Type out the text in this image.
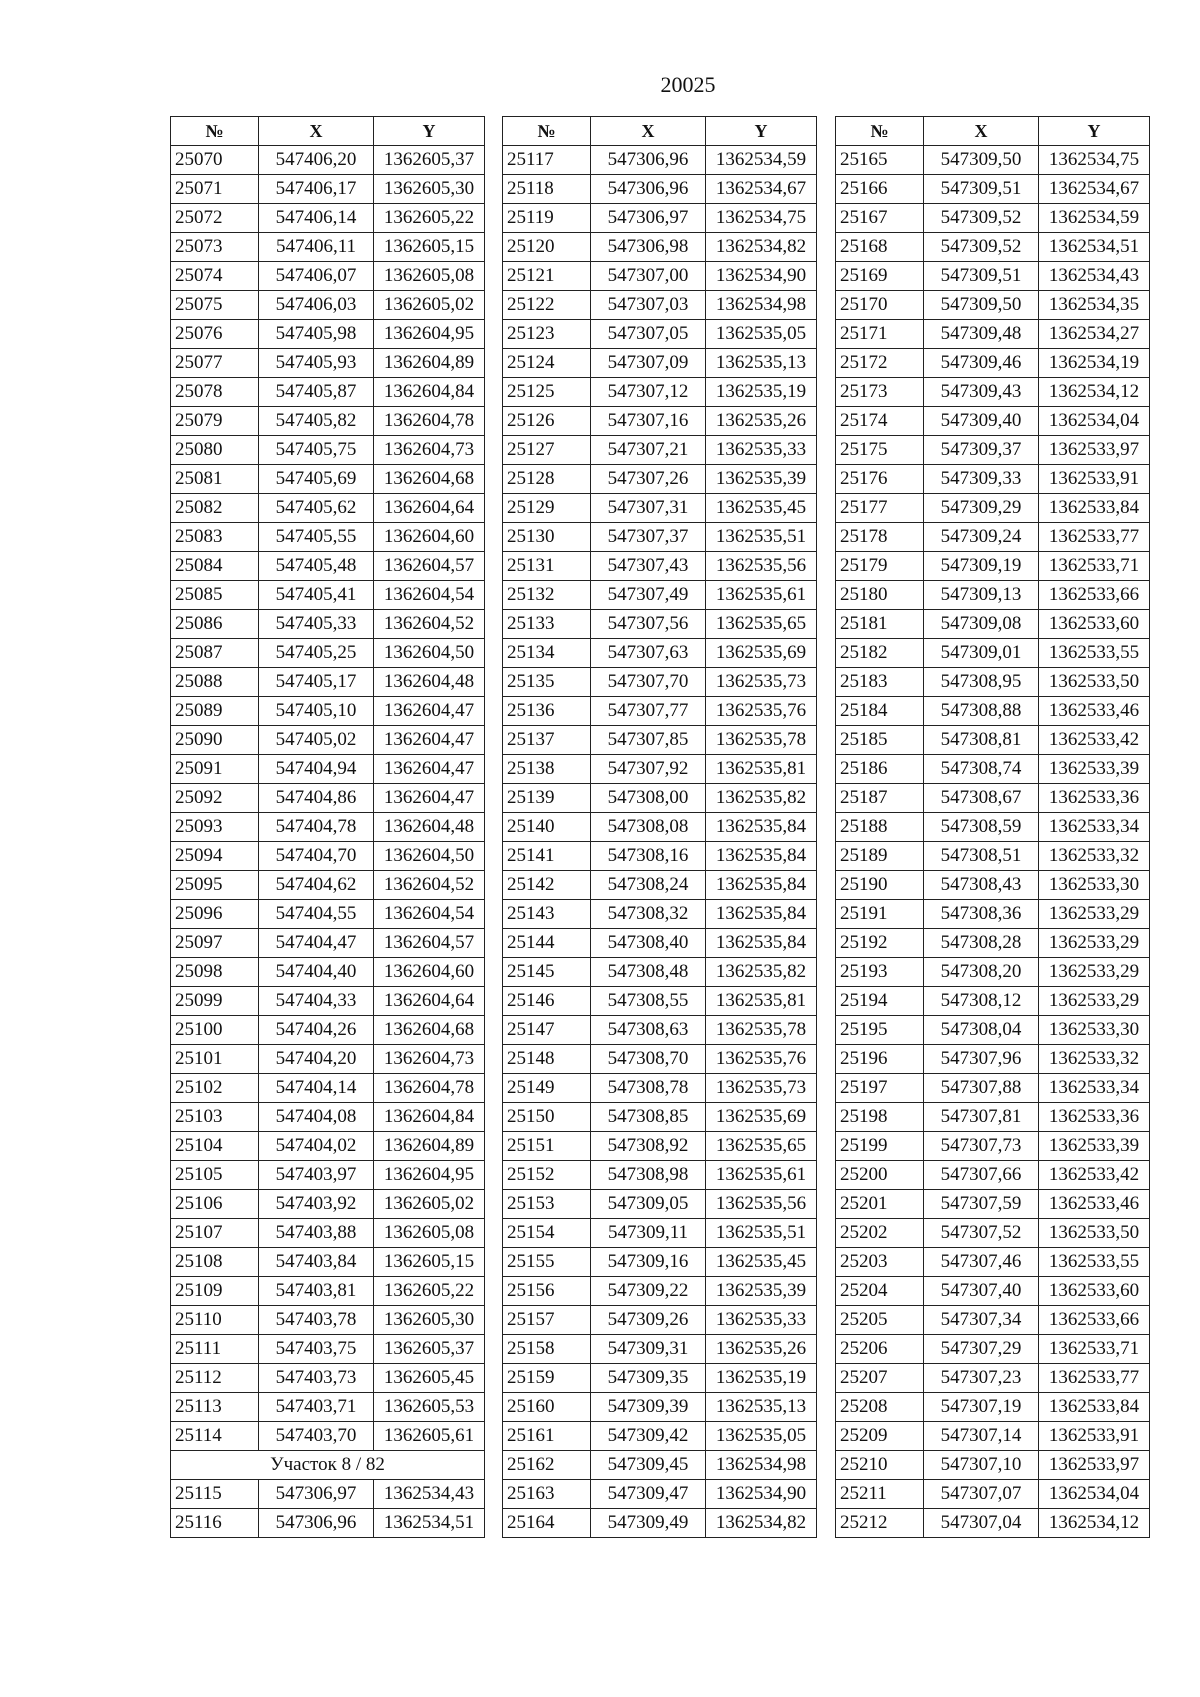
20025
№	X	Y
25070	547406,20	1362605,37
25071	547406,17	1362605,30
25072	547406,14	1362605,22
25073	547406,11	1362605,15
25074	547406,07	1362605,08
25075	547406,03	1362605,02
25076	547405,98	1362604,95
25077	547405,93	1362604,89
25078	547405,87	1362604,84
25079	547405,82	1362604,78
25080	547405,75	1362604,73
25081	547405,69	1362604,68
25082	547405,62	1362604,64
25083	547405,55	1362604,60
25084	547405,48	1362604,57
25085	547405,41	1362604,54
25086	547405,33	1362604,52
25087	547405,25	1362604,50
25088	547405,17	1362604,48
25089	547405,10	1362604,47
25090	547405,02	1362604,47
25091	547404,94	1362604,47
25092	547404,86	1362604,47
25093	547404,78	1362604,48
25094	547404,70	1362604,50
25095	547404,62	1362604,52
25096	547404,55	1362604,54
25097	547404,47	1362604,57
25098	547404,40	1362604,60
25099	547404,33	1362604,64
25100	547404,26	1362604,68
25101	547404,20	1362604,73
25102	547404,14	1362604,78
25103	547404,08	1362604,84
25104	547404,02	1362604,89
25105	547403,97	1362604,95
25106	547403,92	1362605,02
25107	547403,88	1362605,08
25108	547403,84	1362605,15
25109	547403,81	1362605,22
25110	547403,78	1362605,30
25111	547403,75	1362605,37
25112	547403,73	1362605,45
25113	547403,71	1362605,53
25114	547403,70	1362605,61
Участок 8 / 82		
25115	547306,97	1362534,43
25116	547306,96	1362534,51
№	X	Y
25117	547306,96	1362534,59
25118	547306,96	1362534,67
25119	547306,97	1362534,75
25120	547306,98	1362534,82
25121	547307,00	1362534,90
25122	547307,03	1362534,98
25123	547307,05	1362535,05
25124	547307,09	1362535,13
25125	547307,12	1362535,19
25126	547307,16	1362535,26
25127	547307,21	1362535,33
25128	547307,26	1362535,39
25129	547307,31	1362535,45
25130	547307,37	1362535,51
25131	547307,43	1362535,56
25132	547307,49	1362535,61
25133	547307,56	1362535,65
25134	547307,63	1362535,69
25135	547307,70	1362535,73
25136	547307,77	1362535,76
25137	547307,85	1362535,78
25138	547307,92	1362535,81
25139	547308,00	1362535,82
25140	547308,08	1362535,84
25141	547308,16	1362535,84
25142	547308,24	1362535,84
25143	547308,32	1362535,84
25144	547308,40	1362535,84
25145	547308,48	1362535,82
25146	547308,55	1362535,81
25147	547308,63	1362535,78
25148	547308,70	1362535,76
25149	547308,78	1362535,73
25150	547308,85	1362535,69
25151	547308,92	1362535,65
25152	547308,98	1362535,61
25153	547309,05	1362535,56
25154	547309,11	1362535,51
25155	547309,16	1362535,45
25156	547309,22	1362535,39
25157	547309,26	1362535,33
25158	547309,31	1362535,26
25159	547309,35	1362535,19
25160	547309,39	1362535,13
25161	547309,42	1362535,05
25162	547309,45	1362534,98
25163	547309,47	1362534,90
25164	547309,49	1362534,82
№	X	Y
25165	547309,50	1362534,75
25166	547309,51	1362534,67
25167	547309,52	1362534,59
25168	547309,52	1362534,51
25169	547309,51	1362534,43
25170	547309,50	1362534,35
25171	547309,48	1362534,27
25172	547309,46	1362534,19
25173	547309,43	1362534,12
25174	547309,40	1362534,04
25175	547309,37	1362533,97
25176	547309,33	1362533,91
25177	547309,29	1362533,84
25178	547309,24	1362533,77
25179	547309,19	1362533,71
25180	547309,13	1362533,66
25181	547309,08	1362533,60
25182	547309,01	1362533,55
25183	547308,95	1362533,50
25184	547308,88	1362533,46
25185	547308,81	1362533,42
25186	547308,74	1362533,39
25187	547308,67	1362533,36
25188	547308,59	1362533,34
25189	547308,51	1362533,32
25190	547308,43	1362533,30
25191	547308,36	1362533,29
25192	547308,28	1362533,29
25193	547308,20	1362533,29
25194	547308,12	1362533,29
25195	547308,04	1362533,30
25196	547307,96	1362533,32
25197	547307,88	1362533,34
25198	547307,81	1362533,36
25199	547307,73	1362533,39
25200	547307,66	1362533,42
25201	547307,59	1362533,46
25202	547307,52	1362533,50
25203	547307,46	1362533,55
25204	547307,40	1362533,60
25205	547307,34	1362533,66
25206	547307,29	1362533,71
25207	547307,23	1362533,77
25208	547307,19	1362533,84
25209	547307,14	1362533,91
25210	547307,10	1362533,97
25211	547307,07	1362534,04
25212	547307,04	1362534,12
